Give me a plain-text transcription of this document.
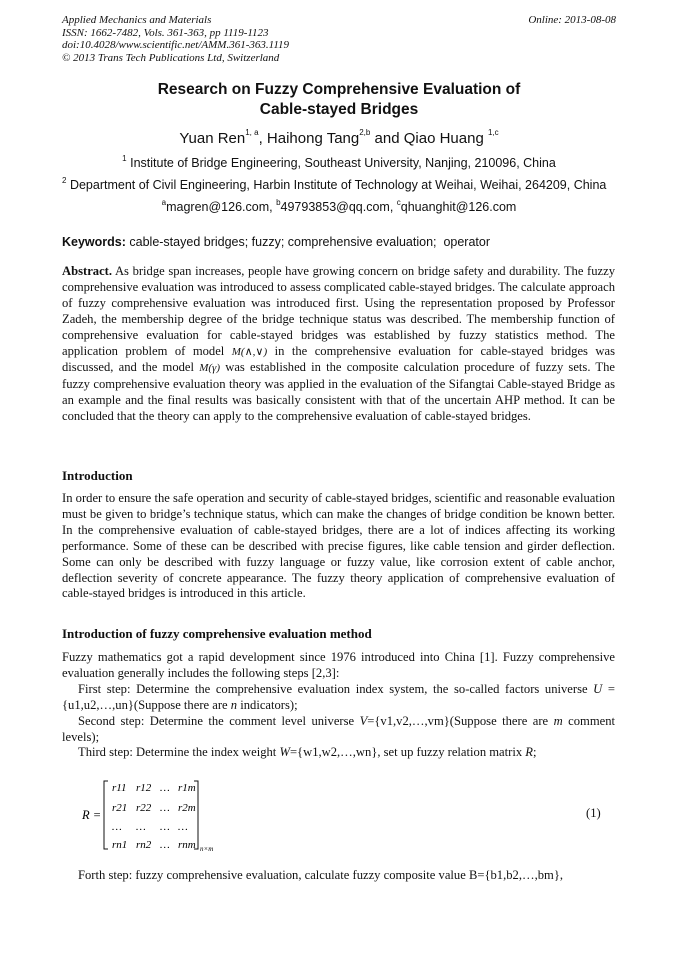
Applied Mechanics and Materials
ISSN: 1662-7482, Vols. 361-363, pp 1119-1123
doi:10.4028/www.scientific.net/AMM.361-363.1119
© 2013 Trans Tech Publications Ltd, Switzerland
Online: 2013-08-08
Research on Fuzzy Comprehensive Evaluation of
Cable-stayed Bridges
Yuan Ren$^{1, a}$, Haihong Tang$^{2,b}$ and Qiao Huang $^{1,c}$
$^1$ Institute of Bridge Engineering, Southeast University, Nanjing, 210096, China
$^2$ Department of Civil Engineering, Harbin Institute of Technology at Weihai, Weihai, 264209, China
$^a$magren@126.com, $^b$49793853@qq.com, $^c$qhuanghit@126.com
Keywords: cable-stayed bridges; fuzzy; comprehensive evaluation;  operator
Abstract. As bridge span increases, people have growing concern on bridge safety and durability. The fuzzy comprehensive evaluation was introduced to assess complicated cable-stayed bridges. The calculate approach of fuzzy comprehensive evaluation was introduced first. Using the representation proposed by Professor Zadeh, the membership degree of the bridge technique status was described. The membership function of comprehensive evaluation for cable-stayed bridges was established by fuzzy statistics method. The application problem of model M(∧,∨) in the comprehensive evaluation for cable-stayed bridges was discussed, and the model M(γ) was established in the composite calculation procedure of fuzzy sets. The fuzzy comprehensive evaluation theory was applied in the evaluation of the Sifangtai Cable-stayed Bridge as an example and the final results was basically consistent with that of the uncertain AHP method. It can be concluded that the theory can apply to the comprehensive evaluation of cable-stayed bridges.
Introduction
In order to ensure the safe operation and security of cable-stayed bridges, scientific and reasonable evaluation must be given to bridge’s technique status, which can make the changes of bridge condition be known better. In the comprehensive evaluation of cable-stayed bridges, there are a lot of indices affecting its working performance. Some of these can be described with precise figures, like cable tension and girder deflection. Some can only be described with fuzzy language or fuzzy value, like corrosion extent of cable anchor, deflection severity of concrete appearance. The fuzzy theory application of comprehensive evaluation of cable-stayed bridges is introduced in this article.
Introduction of fuzzy comprehensive evaluation method
Fuzzy mathematics got a rapid development since 1976 introduced into China [1]. Fuzzy comprehensive evaluation generally includes the following steps [2,3]:
First step: Determine the comprehensive evaluation index system, the so-called factors universe U ={u1,u2,…,un}(Suppose there are n indicators);
Second step: Determine the comment level universe V={v1,v2,…,vm}(Suppose there are m comment levels);
Third step: Determine the index weight W={w1,w2,…,wn}, set up fuzzy relation matrix R;
R =
r11 r12 … r1m
r21 r22 … r2m
… … … …
rn1 rn2 … rnm n×m
(1)
Forth step: fuzzy comprehensive evaluation, calculate fuzzy composite value B={b1,b2,…,bm},
